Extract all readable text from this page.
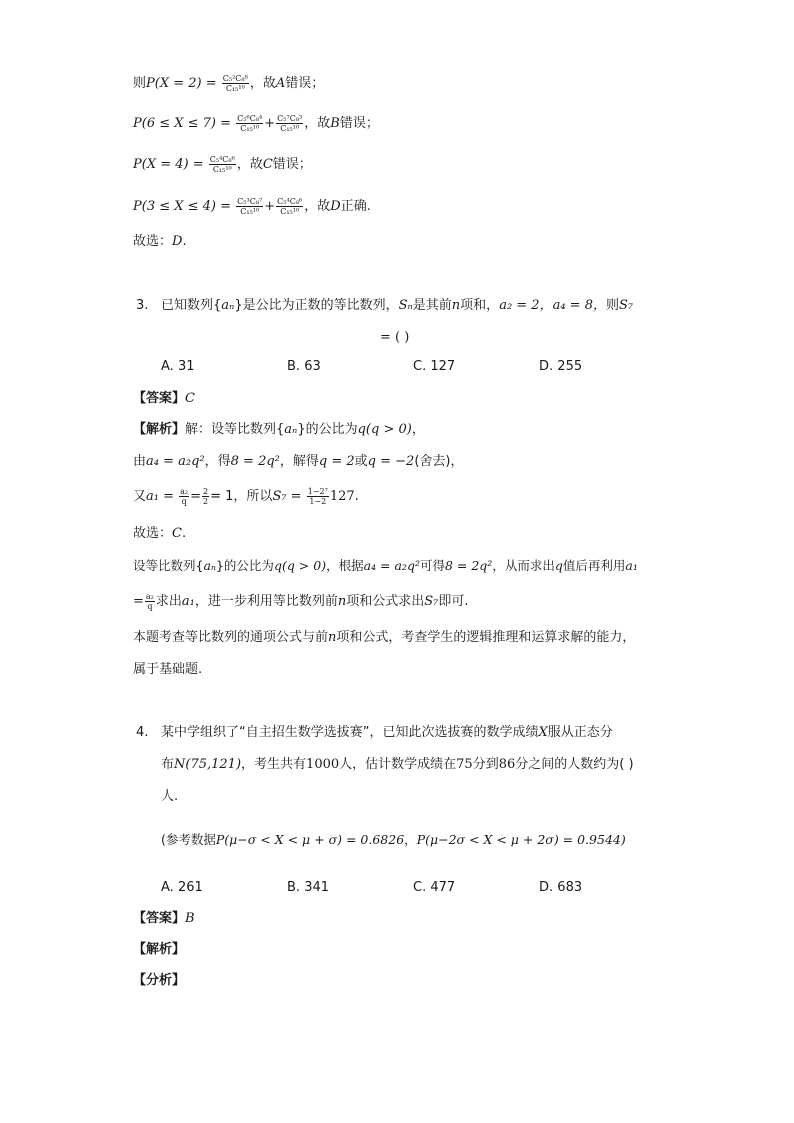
则$P(X = 2) = \frac{\text{C₅²C₈⁸}}{\text{C₁₅¹⁰}}$ ，故A错误；
$P(6 \le X \le 7) = \frac{\text{C₅⁶C₈⁴}}{\text{C₁₅¹⁰}} + \frac{\text{C₅⁷C₈³}}{\text{C₁₅¹⁰}}$ ，故B错误；
$P(X = 4) = \frac{\text{C₅⁴C₈⁶}}{\text{C₁₅¹⁰}}$ ，故C错误；
$P(3 \le X \le 4) = \frac{\text{C₅³C₈⁷}}{\text{C₁₅¹⁰}} + \frac{\text{C₅⁴C₈⁶}}{\text{C₁₅¹⁰}}$ ，故D正确.
故选：D.
3. 已知数列{aₙ}是公比为正数的等比数列，Sₙ是其前n项和，a₂ = 2，a₄ = 8，则S₇
= ( )
A. 31	B. 63	C. 127	D. 255
【答案】C
【解析】解：设等比数列{aₙ}的公比为q(q > 0)，
由a₄ = a₂q²，得8 = 2q²，解得q = 2或q = −2(舍去)，
又$a_1 = \frac{\text{a₂}}{q} = \frac{2}{2} = 1$，所以$S_7 = \frac{\text{1−2⁷}}{1-2} 127$.
故选：C.
设等比数列{aₙ}的公比为q(q > 0)，根据a₄ = a₂q²可得8 = 2q²，从而求出q值后再利用a₁
= $\frac{\text{a₂}}{q}$ 求出a₁，进一步利用等比数列前n项和公式求出S₇即可.
本题考查等比数列的通项公式与前n项和公式，考查学生的逻辑推理和运算求解的能力，
属于基础题.
4. 某中学组织了“自主招生数学选拔赛”，已知此次选拔赛的数学成绩X服从正态分
布N(75,121)，考生共有1000人，估计数学成绩在75分到86分之间的人数约为( )
人.
(参考数据P(μ−σ < X < μ + σ) = 0.6826，P(μ−2σ < X < μ + 2σ) = 0.9544)
A. 261	B. 341	C. 477	D. 683
【答案】B
【解析】
【分析】
